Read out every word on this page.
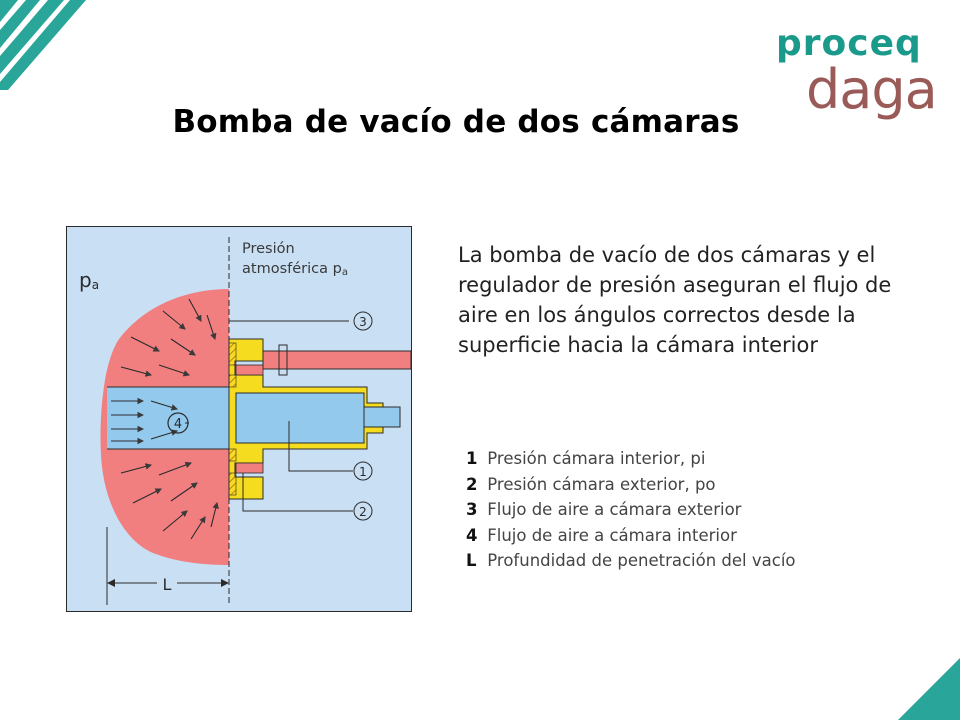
proceq
daga
Bomba de vacío de dos cámaras
pa
3
1
2
4
L
Presión
atmosférica $p_a$
La bomba de vacío de dos cámaras y el regulador de presión aseguran el flujo de aire en los ángulos correctos desde la superficie hacia la cámara interior
1 Presión cámara interior, pi
2 Presión cámara exterior, po
3 Flujo de aire a cámara exterior
4 Flujo de aire a cámara interior
L Profundidad de penetración del vacío
